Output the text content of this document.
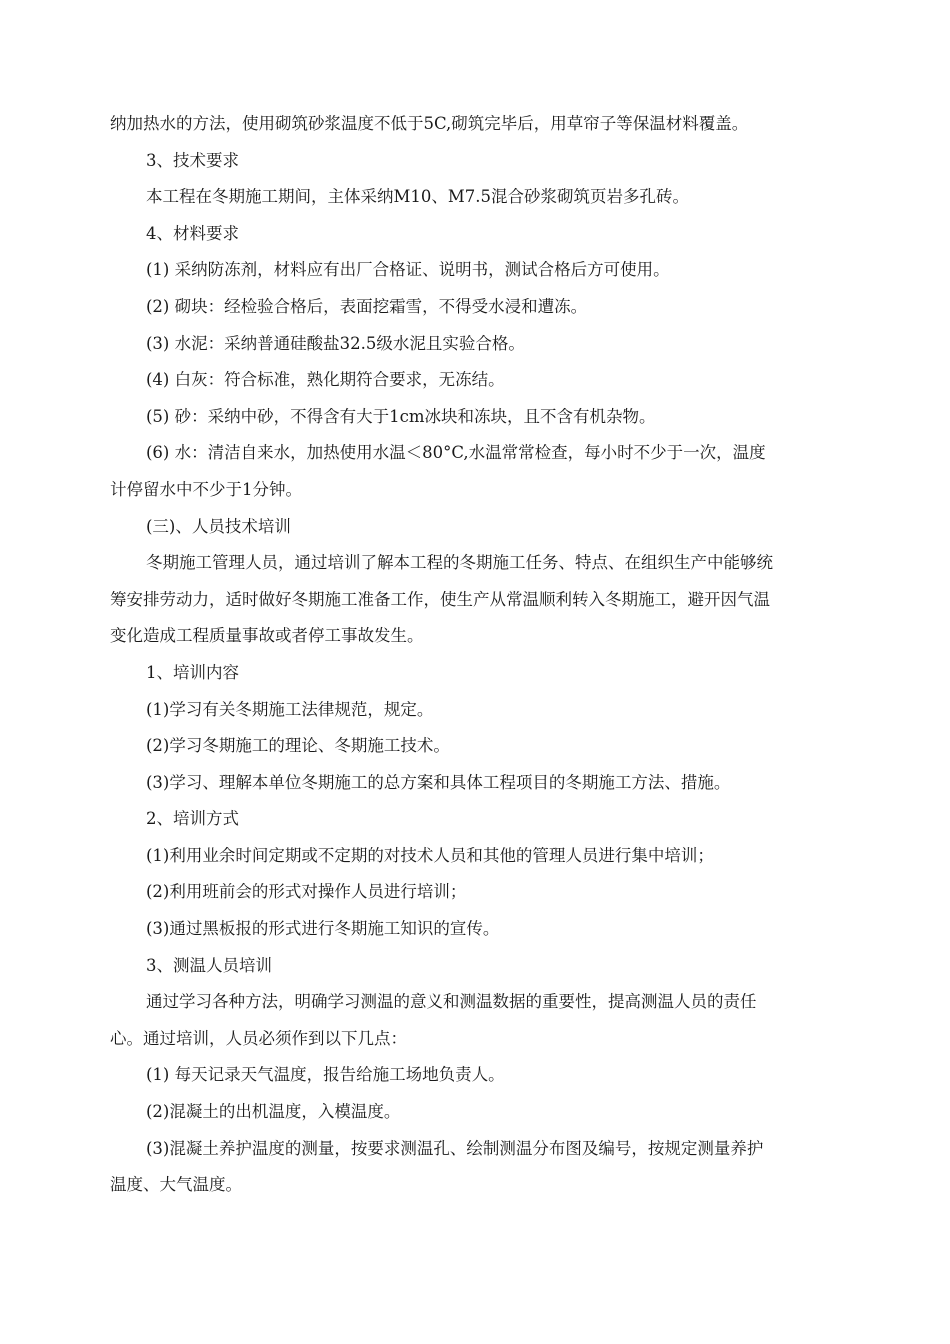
纳加热水的方法，使用砌筑砂浆温度不低于5C,砌筑完毕后，用草帘子等保温材料覆盖。

3、技术要求

本工程在冬期施工期间，主体采纳M10、M7.5混合砂浆砌筑页岩多孔砖。

4、材料要求

(1) 采纳防冻剂，材料应有出厂合格证、说明书，测试合格后方可使用。

(2) 砌块：经检验合格后，表面挖霜雪，不得受水浸和遭冻。

(3) 水泥：采纳普通硅酸盐32.5级水泥且实验合格。

(4) 白灰：符合标准，熟化期符合要求，无冻结。

(5) 砂：采纳中砂，不得含有大于1cm冰块和冻块，且不含有机杂物。

(6) 水：清洁自来水，加热使用水温＜80°C,水温常常检查，每小时不少于一次，温度

计停留水中不少于1分钟。

(三)、人员技术培训

冬期施工管理人员，通过培训了解本工程的冬期施工任务、特点、在组织生产中能够统

筹安排劳动力，适时做好冬期施工准备工作，使生产从常温顺利转入冬期施工，避开因气温

变化造成工程质量事故或者停工事故发生。

1、培训内容

(1)学习有关冬期施工法律规范，规定。

(2)学习冬期施工的理论、冬期施工技术。

(3)学习、理解本单位冬期施工的总方案和具体工程项目的冬期施工方法、措施。

2、培训方式

(1)利用业余时间定期或不定期的对技术人员和其他的管理人员进行集中培训；

(2)利用班前会的形式对操作人员进行培训；

(3)通过黑板报的形式进行冬期施工知识的宣传。

3、测温人员培训

通过学习各种方法，明确学习测温的意义和测温数据的重要性，提高测温人员的责任

心。通过培训，人员必须作到以下几点：

(1) 每天记录天气温度，报告给施工场地负责人。

(2)混凝土的出机温度，入模温度。

(3)混凝土养护温度的测量，按要求测温孔、绘制测温分布图及编号，按规定测量养护

温度、大气温度。
